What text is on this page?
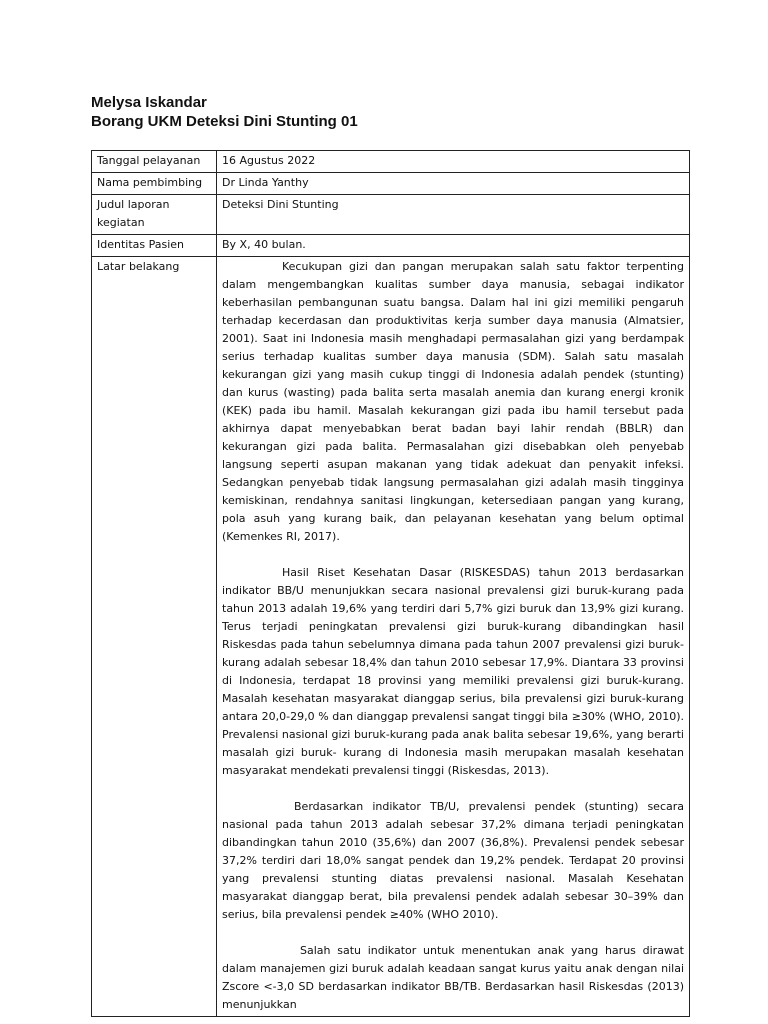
Melysa Iskandar
Borang UKM Deteksi Dini Stunting 01
Tanggal pelayanan	16 Agustus 2022
Nama pembimbing	Dr Linda Yanthy
Judul laporan kegiatan	Deteksi Dini Stunting
Identitas Pasien	By X, 40 bulan.
Latar belakang	Kecukupan gizi dan pangan merupakan salah satu faktor terpenting dalam mengembangkan kualitas sumber daya manusia, sebagai indikator keberhasilan pembangunan suatu bangsa. Dalam hal ini gizi memiliki pengaruh terhadap kecerdasan dan produktivitas kerja sumber daya manusia (Almatsier, 2001). Saat ini Indonesia masih menghadapi permasalahan gizi yang berdampak serius terhadap kualitas sumber daya manusia (SDM). Salah satu masalah kekurangan gizi yang masih cukup tinggi di Indonesia adalah pendek (stunting) dan kurus (wasting) pada balita serta masalah anemia dan kurang energi kronik (KEK) pada ibu hamil. Masalah kekurangan gizi pada ibu hamil tersebut pada akhirnya dapat menyebabkan berat badan bayi lahir rendah (BBLR) dan kekurangan gizi pada balita. Permasalahan gizi disebabkan oleh penyebab langsung seperti asupan makanan yang tidak adekuat dan penyakit infeksi. Sedangkan penyebab tidak langsung permasalahan gizi adalah masih tingginya kemiskinan, rendahnya sanitasi lingkungan, ketersediaan pangan yang kurang, pola asuh yang kurang baik, dan pelayanan kesehatan yang belum optimal (Kemenkes RI, 2017).
Hasil Riset Kesehatan Dasar (RISKESDAS) tahun 2013 berdasarkan indikator BB/U menunjukkan secara nasional prevalensi gizi buruk-kurang pada tahun 2013 adalah 19,6% yang terdiri dari 5,7% gizi buruk dan 13,9% gizi kurang. Terus terjadi peningkatan prevalensi gizi buruk-kurang dibandingkan hasil Riskesdas pada tahun sebelumnya dimana pada tahun 2007 prevalensi gizi buruk-kurang adalah sebesar 18,4% dan tahun 2010 sebesar 17,9%. Diantara 33 provinsi di Indonesia, terdapat 18 provinsi yang memiliki prevalensi gizi buruk-kurang. Masalah kesehatan masyarakat dianggap serius, bila prevalensi gizi buruk-kurang antara 20,0-29,0 % dan dianggap prevalensi sangat tinggi bila ≥30% (WHO, 2010). Prevalensi nasional gizi buruk-kurang pada anak balita sebesar 19,6%, yang berarti masalah gizi buruk- kurang di Indonesia masih merupakan masalah kesehatan masyarakat mendekati prevalensi tinggi (Riskesdas, 2013).
Berdasarkan indikator TB/U, prevalensi pendek (stunting) secara nasional pada tahun 2013 adalah sebesar 37,2% dimana terjadi peningkatan dibandingkan tahun 2010 (35,6%) dan 2007 (36,8%). Prevalensi pendek sebesar 37,2% terdiri dari 18,0% sangat pendek dan 19,2% pendek. Terdapat 20 provinsi yang prevalensi stunting diatas prevalensi nasional. Masalah Kesehatan masyarakat dianggap berat, bila prevalensi pendek adalah sebesar 30–39% dan serius, bila prevalensi pendek ≥40% (WHO 2010).
Salah satu indikator untuk menentukan anak yang harus dirawat dalam manajemen gizi buruk adalah keadaan sangat kurus yaitu anak dengan nilai Zscore <-3,0 SD berdasarkan indikator BB/TB. Berdasarkan hasil Riskesdas (2013) menunjukkan
